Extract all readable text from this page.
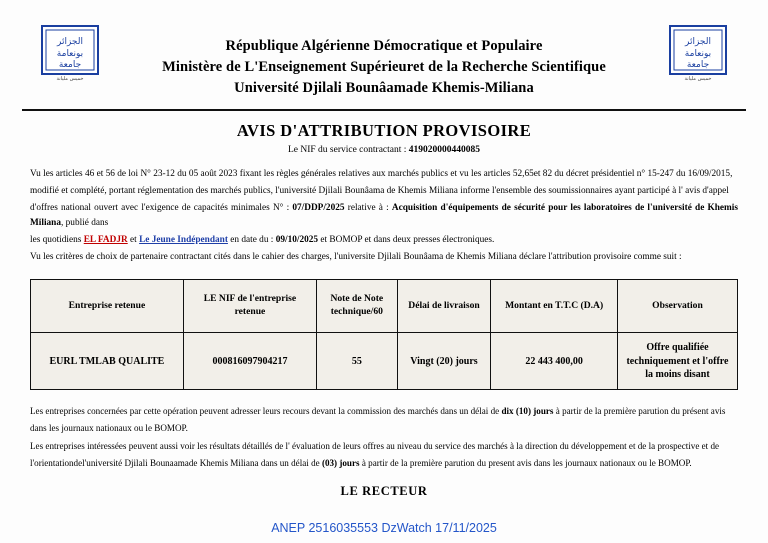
الجزائر
بونعامة
جامعة
خميس مليانة
République Algérienne Démocratique et Populaire
Ministère de L'Enseignement Supérieuret de la Recherche Scientifique
Université Djilali Bounâamade Khemis-Miliana
الجزائر
بونعامة
جامعة
خميس مليانة
AVIS D'ATTRIBUTION PROVISOIRE
Le NIF du service contractant : 419020000440085

Vu les articles 46 et 56 de loi N° 23-12 du 05 août 2023 fixant les règles générales relatives aux marchés publics et vu les articles 52,65et 82 du décret présidentiel n° 15-247 du 16/09/2015,

modifié et complété, portant réglementation des marchés publics, l'université Djilali Bounâama de Khemis Miliana informe l'ensemble des soumissionnaires ayant participé à l' avis d'appel

d'offres national ouvert avec l'exigence de capacités minimales N° : 07/DDP/2025 relative à : Acquisition d'équipements de sécurité pour les laboratoires de l'université de Khemis Miliana, publié dans

les quotidiens EL FADJR et Le Jeune Indépendant en date du : 09/10/2025 et BOMOP et dans deux presses électroniques.

Vu les critères de choix de partenaire contractant cités dans le cahier des charges, l'universite Djilali Bounâama de Khemis Miliana déclare l'attribution provisoire comme suit :

Entreprise retenue	LE NIF de l'entreprise retenue	Note de Note technique/60	Délai de livraison	Montant en T.T.C (D.A)	Observation
EURL TMLAB QUALITE	000816097904217	55	Vingt (20) jours	22 443 400,00	Offre qualifiée techniquement et l'offre la moins disant

Les entreprises concernées par cette opération peuvent adresser leurs recours devant la commission des marchés dans un délai de dix (10) jours à partir de la première parution du présent avis

dans les journaux nationaux ou le BOMOP.

Les entreprises intéressées peuvent aussi voir les résultats détaillés de l' évaluation de leurs offres au niveau du service des marchés à la direction du développement et de la prospective et de

l'orientationdel'université Djilali Bounaamade Khemis Miliana dans un délai de (03) jours à partir de la première parution du present avis dans les journaux nationaux ou le BOMOP.

LE RECTEUR
ANEP 2516035553 DzWatch 17/11/2025
